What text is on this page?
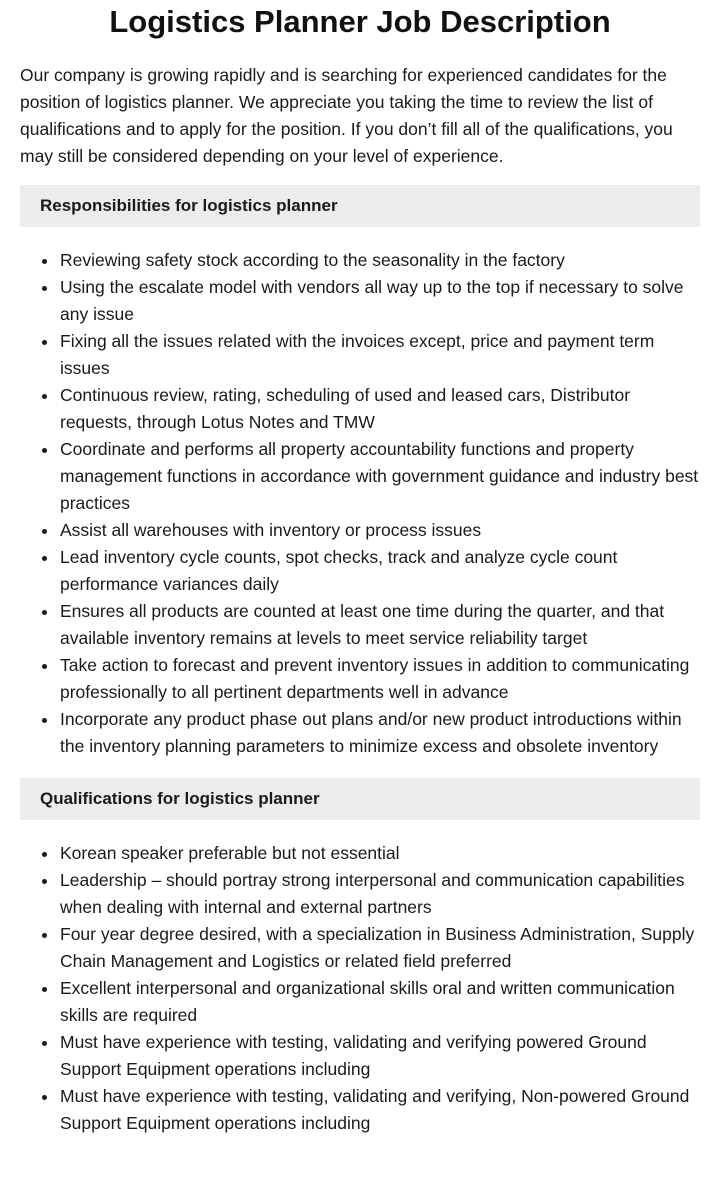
Logistics Planner Job Description

Our company is growing rapidly and is searching for experienced candidates for the position of logistics planner. We appreciate you taking the time to review the list of qualifications and to apply for the position. If you don’t fill all of the qualifications, you may still be considered depending on your level of experience.

Responsibilities for logistics planner
Reviewing safety stock according to the seasonality in the factory
Using the escalate model with vendors all way up to the top if necessary to solve any issue
Fixing all the issues related with the invoices except, price and payment term issues
Continuous review, rating, scheduling of used and leased cars, Distributor requests, through Lotus Notes and TMW
Coordinate and performs all property accountability functions and property management functions in accordance with government guidance and industry best practices
Assist all warehouses with inventory or process issues
Lead inventory cycle counts, spot checks, track and analyze cycle count performance variances daily
Ensures all products are counted at least one time during the quarter, and that available inventory remains at levels to meet service reliability target
Take action to forecast and prevent inventory issues in addition to communicating professionally to all pertinent departments well in advance
Incorporate any product phase out plans and/or new product introductions within the inventory planning parameters to minimize excess and obsolete inventory
Qualifications for logistics planner
Korean speaker preferable but not essential
Leadership – should portray strong interpersonal and communication capabilities when dealing with internal and external partners
Four year degree desired, with a specialization in Business Administration, Supply Chain Management and Logistics or related field preferred
Excellent interpersonal and organizational skills oral and written communication skills are required
Must have experience with testing, validating and verifying powered Ground Support Equipment operations including
Must have experience with testing, validating and verifying, Non-powered Ground Support Equipment operations including
